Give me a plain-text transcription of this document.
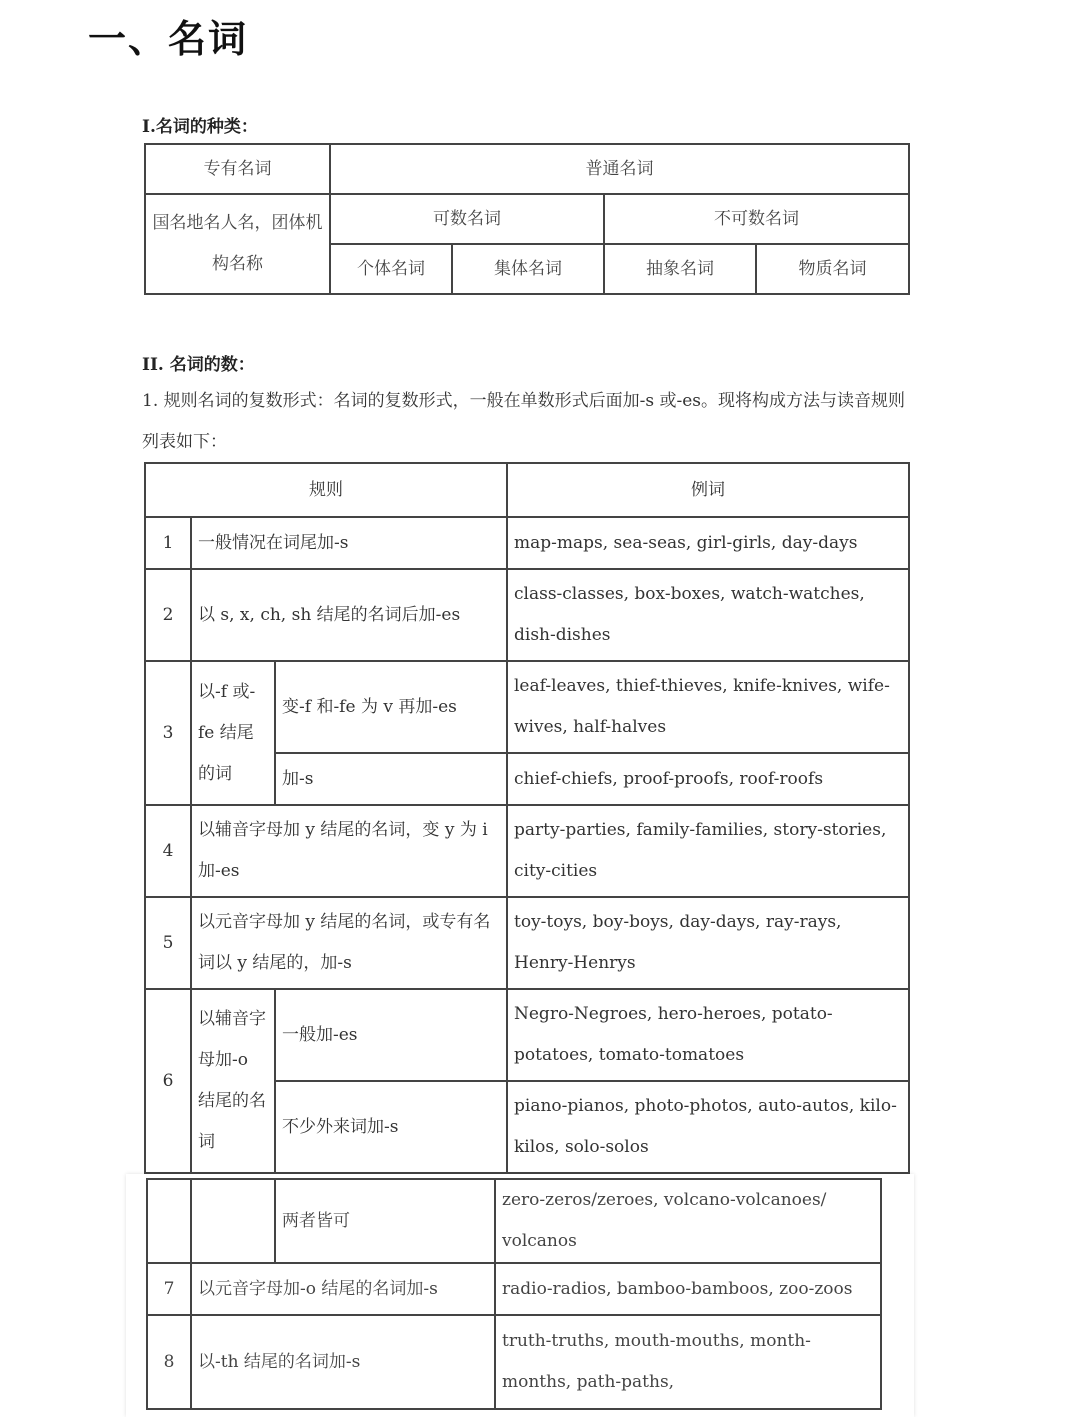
一、名词
I.名词的种类：
专有名词	普通名词			
国名地名人名，团体机构名称	可数名词		不可数名词	
	个体名词	集体名词	抽象名词	物质名词
II. 名词的数：
1. 规则名词的复数形式：名词的复数形式，一般在单数形式后面加-s 或-es。现将构成方法与读音规则列表如下：
规则			例词
1	一般情况在词尾加-s		map-maps, sea-seas, girl-girls, day-days
2	以 s, x, ch, sh 结尾的名词后加-es		class-classes, box-boxes, watch-watches, dish-dishes
3	以-f 或-fe 结尾的词	变-f 和-fe 为 v 再加-es	leaf-leaves, thief-thieves, knife-knives, wife-wives, half-halves
		加-s	chief-chiefs, proof-proofs, roof-roofs
4	以辅音字母加 y 结尾的名词，变 y 为 i 加-es		party-parties, family-families, story-stories, city-cities
5	以元音字母加 y 结尾的名词，或专有名词以 y 结尾的，加-s		toy-toys, boy-boys, day-days, ray-rays, Henry-Henrys
6	以辅音字母加-o 结尾的名词	一般加-es	Negro-Negroes, hero-heroes, potato-potatoes, tomato-tomatoes
		不少外来词加-s	piano-pianos, photo-photos, auto-autos, kilo-kilos, solo-solos
		两者皆可	zero-zeros/zeroes, volcano-volcanoes/ volcanos
7	以元音字母加-o 结尾的名词加-s		radio-radios, bamboo-bamboos, zoo-zoos
8	以-th 结尾的名词加-s		truth-truths, mouth-mouths, month-months, path-paths,
